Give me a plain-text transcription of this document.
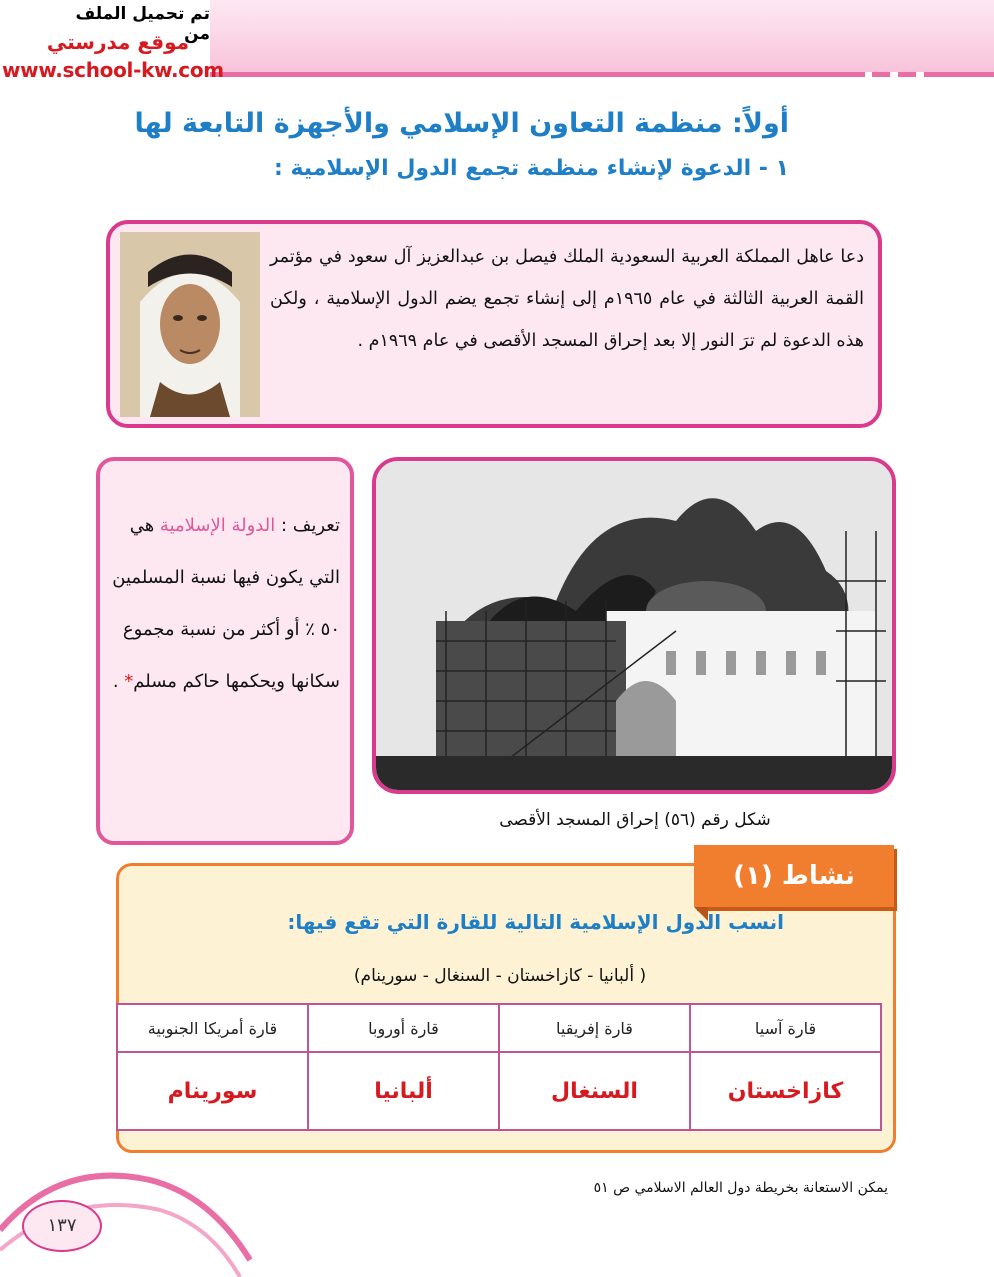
تم تحميل الملف من
موقع مدرستي
www.school-kw.com
أولاً: منظمة التعاون الإسلامي والأجهزة التابعة لها
١ - الدعوة لإنشاء منظمة تجمع الدول الإسلامية :
دعا عاهل المملكة العربية السعودية الملك فيصل بن عبدالعزيز آل سعود في مؤتمر القمة العربية الثالثة في عام ١٩٦٥م إلى إنشاء تجمع يضم الدول الإسلامية ، ولكن هذه الدعوة لم ترَ النور إلا بعد إحراق المسجد الأقصى في عام ١٩٦٩م .
شكل رقم (٥٦) إحراق المسجد الأقصى
تعريف : الدولة الإسلامية هي التي يكون فيها نسبة المسلمين ٥٠ ٪ أو أكثر من نسبة مجموع سكانها ويحكمها حاكم مسلم* .
نشاط (١)
انسب الدول الإسلامية التالية للقارة التي تقع فيها:
( ألبانيا - كازاخستان - السنغال - سورينام)
قارة آسيا	قارة إفريقيا	قارة أوروبا	قارة أمريكا الجنوبية
كازاخستان	السنغال	ألبانيا	سورينام
يمكن الاستعانة بخريطة دول العالم الاسلامي ص ٥١
١٣٧
